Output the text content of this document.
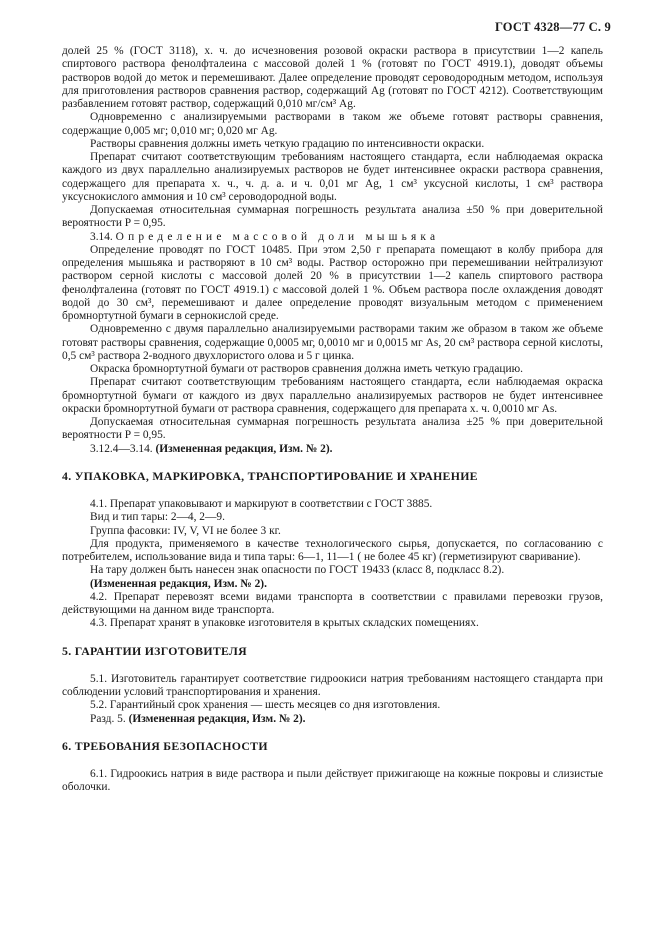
ГОСТ 4328—77 С. 9

долей 25 % (ГОСТ 3118), х. ч. до исчезновения розовой окраски раствора в присутствии 1—2 капель спиртового раствора фенолфталеина с массовой долей 1 % (готовят по ГОСТ 4919.1), доводят объемы растворов водой до меток и перемешивают. Далее определение проводят сероводородным методом, используя для приготовления растворов сравнения раствор, содержащий Ag (готовят по ГОСТ 4212). Соответствующим разбавлением готовят раствор, содержащий 0,010 мг/см³ Ag.

Одновременно с анализируемыми растворами в таком же объеме готовят растворы сравнения, содержащие 0,005 мг; 0,010 мг; 0,020 мг Ag.

Растворы сравнения должны иметь четкую градацию по интенсивности окраски.

Препарат считают соответствующим требованиям настоящего стандарта, если наблюдаемая окраска каждого из двух параллельно анализируемых растворов не будет интенсивнее окраски раствора сравнения, содержащего для препарата х. ч., ч. д. а. и ч. 0,01 мг Ag, 1 см³ уксусной кислоты, 1 см³ раствора уксуснокислого аммония и 10 см³ сероводородной воды.

Допускаемая относительная суммарная погрешность результата анализа ±50 % при доверительной вероятности P = 0,95.

3.14. Определение массовой доли мышьяка

Определение проводят по ГОСТ 10485. При этом 2,50 г препарата помещают в колбу прибора для определения мышьяка и растворяют в 10 см³ воды. Раствор осторожно при перемешивании нейтрализуют раствором серной кислоты с массовой долей 20 % в присутствии 1—2 капель спиртового раствора фенолфталеина (готовят по ГОСТ 4919.1) с массовой долей 1 %. Объем раствора после охлаждения доводят водой до 30 см³, перемешивают и далее определение проводят визуальным методом с применением бромнортутной бумаги в сернокислой среде.

Одновременно с двумя параллельно анализируемыми растворами таким же образом в таком же объеме готовят растворы сравнения, содержащие 0,0005 мг, 0,0010 мг и 0,0015 мг As, 20 см³ раствора серной кислоты, 0,5 см³ раствора 2-водного двухлористого олова и 5 г цинка.

Окраска бромнортутной бумаги от растворов сравнения должна иметь четкую градацию.

Препарат считают соответствующим требованиям настоящего стандарта, если наблюдаемая окраска бромнортутной бумаги от каждого из двух параллельно анализируемых растворов не будет интенсивнее окраски бромнортутной бумаги от раствора сравнения, содержащего для препарата х. ч. 0,0010 мг As.

Допускаемая относительная суммарная погрешность результата анализа ±25 % при доверительной вероятности P = 0,95.

3.12.4—3.14. (Измененная редакция, Изм. № 2).

4. УПАКОВКА, МАРКИРОВКА, ТРАНСПОРТИРОВАНИЕ И ХРАНЕНИЕ

4.1. Препарат упаковывают и маркируют в соответствии с ГОСТ 3885.

Вид и тип тары: 2—4, 2—9.

Группа фасовки: IV, V, VI не более 3 кг.

Для продукта, применяемого в качестве технологического сырья, допускается, по согласованию с потребителем, использование вида и типа тары: 6—1, 11—1 ( не более 45 кг) (герметизируют сваривание).

На тару должен быть нанесен знак опасности по ГОСТ 19433 (класс 8, подкласс 8.2).

(Измененная редакция, Изм. № 2).

4.2. Препарат перевозят всеми видами транспорта в соответствии с правилами перевозки грузов, действующими на данном виде транспорта.

4.3. Препарат хранят в упаковке изготовителя в крытых складских помещениях.

5. ГАРАНТИИ ИЗГОТОВИТЕЛЯ

5.1. Изготовитель гарантирует соответствие гидроокиси натрия требованиям настоящего стандарта при соблюдении условий транспортирования и хранения.

5.2. Гарантийный срок хранения — шесть месяцев со дня изготовления.

Разд. 5. (Измененная редакция, Изм. № 2).

6. ТРЕБОВАНИЯ БЕЗОПАСНОСТИ

6.1. Гидроокись натрия в виде раствора и пыли действует прижигающе на кожные покровы и слизистые оболочки.
